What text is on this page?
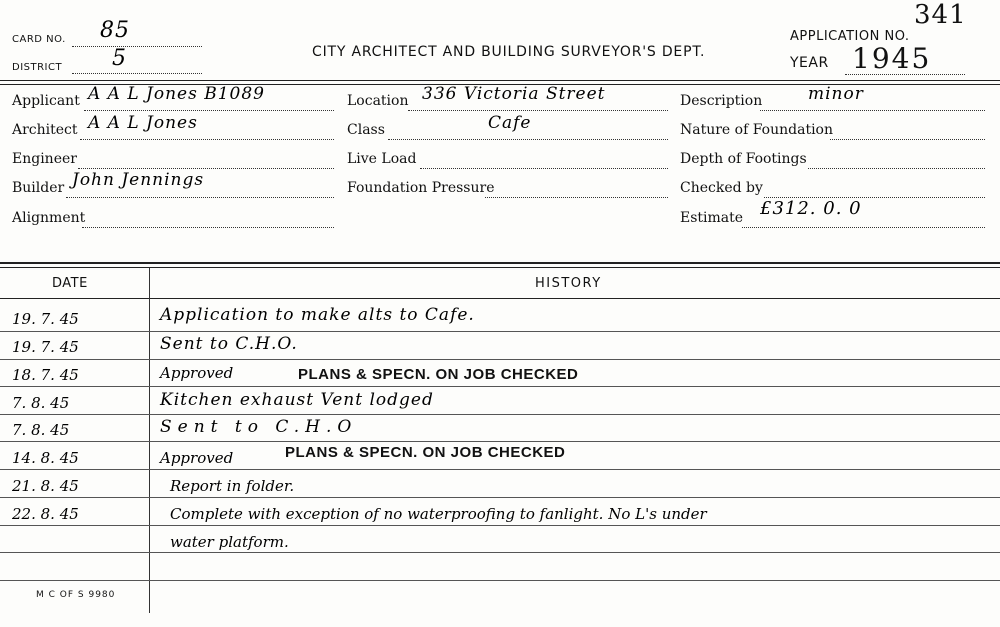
CARD NO. 85
DISTRICT 5	CITY ARCHITECT AND BUILDING SURVEYOR'S DEPT.
APPLICATION NO.
341
YEAR 1945
Applicant A A L Jones B1089	Location 336 Victoria Street	Description	minor
Architect A A L Jones	Class	Cafe	Nature of Foundation
Engineer	Live Load	Depth of Footings
Builder John Jennings	Foundation Pressure	Checked by
Alignment	Estimate £312. 0. 0
DATE	HISTORY
19. 7. 45	Application to make alts to Cafe.
19. 7. 45	Sent to C.H.O.
18. 7. 45	Approved	PLANS & SPECN. ON JOB CHECKED
7. 8. 45	Kitchen exhaust Vent lodged
7. 8. 45	Sent to C.H.O
14. 8. 45	Approved	PLANS & SPECN. ON JOB CHECKED
21. 8. 45	Report in folder.
22. 8. 45	Complete with exception of no waterproofing to fanlight. No L's under
water platform.
M C OF S 9980
